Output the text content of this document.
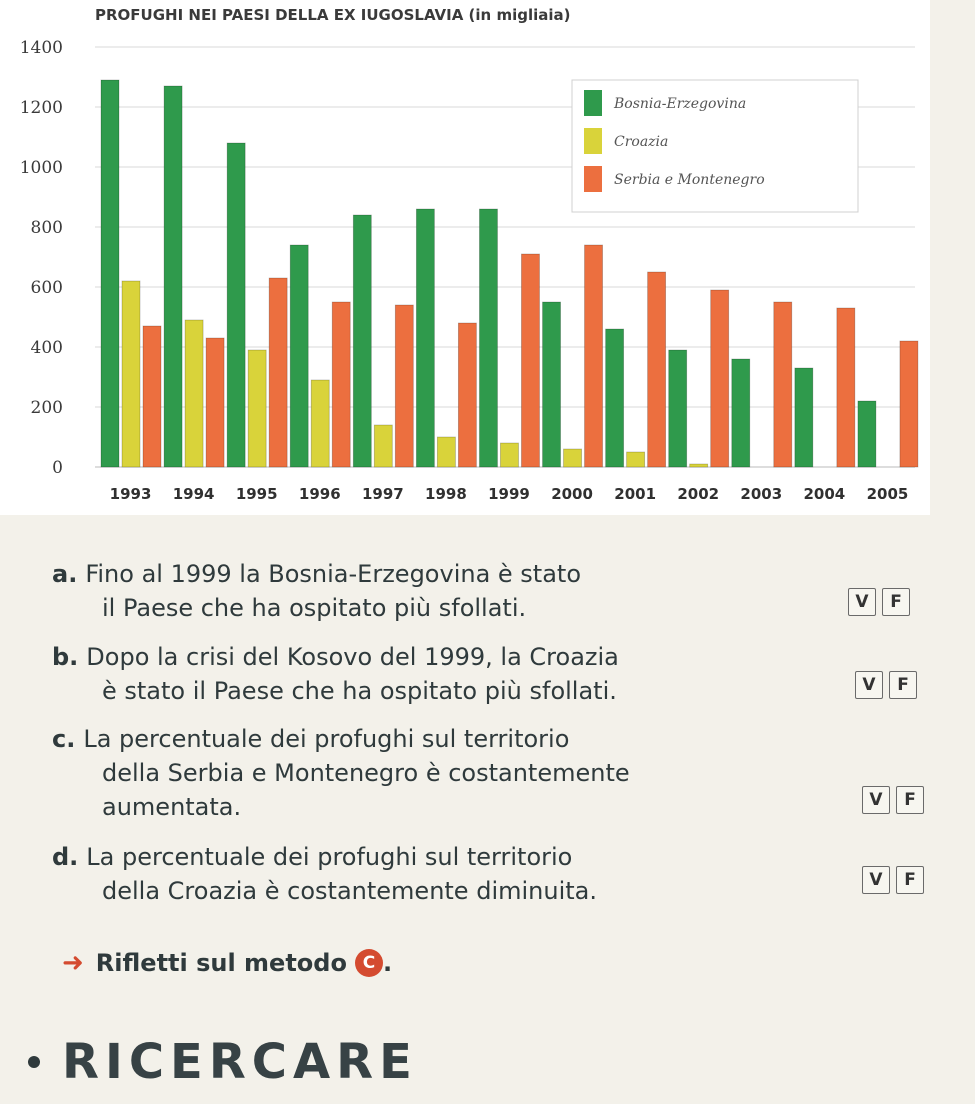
PROFUGHI NEI PAESI DELLA EX IUGOSLAVIA (in migliaia)
0
200
400
600
800
1000
1200
1400
1993 1994 1995 1996 1997 1998 1999 2000 2001 2002 2003 2004 2005
Bosnia-Erzegovina
Croazia
Serbia e Montenegro
a. Fino al 1999 la Bosnia-Erzegovina è stato
il Paese che ha ospitato più sfollati.	V	F
b. Dopo la crisi del Kosovo del 1999, la Croazia
è stato il Paese che ha ospitato più sfollati.	V	F
c. La percentuale dei profughi sul territorio
della Serbia e Montenegro è costantemente
aumentata.	V	F
d. La percentuale dei profughi sul territorio
della Croazia è costantemente diminuita.	V	F
➜ Rifletti sul metodo C .
RICERCARE
